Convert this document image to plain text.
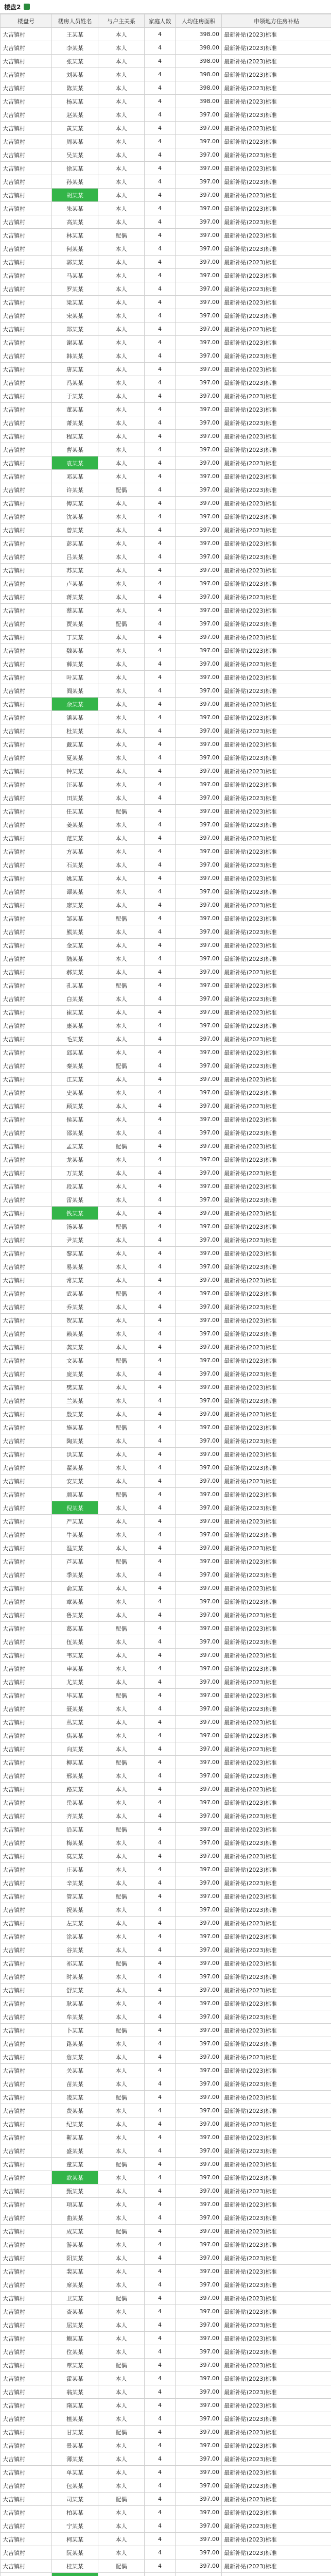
楼盘2
楼盘号	楼房人员姓名	与户主关系	家庭人数	人均住房面积	申领地方住房补贴
大吉镇村	王某某	本人	4	398.00	最新补贴(2023)标准
大吉镇村	李某某	本人	4	398.00	最新补贴(2023)标准
大吉镇村	张某某	本人	4	398.00	最新补贴(2023)标准
大吉镇村	刘某某	本人	4	398.00	最新补贴(2023)标准
大吉镇村	陈某某	本人	4	398.00	最新补贴(2023)标准
大吉镇村	杨某某	本人	4	398.00	最新补贴(2023)标准
大吉镇村	赵某某	本人	4	397.00	最新补贴(2023)标准
大吉镇村	黄某某	本人	4	397.00	最新补贴(2023)标准
大吉镇村	周某某	本人	4	397.00	最新补贴(2023)标准
大吉镇村	吴某某	本人	4	397.00	最新补贴(2023)标准
大吉镇村	徐某某	本人	4	397.00	最新补贴(2023)标准
大吉镇村	孙某某	本人	4	397.00	最新补贴(2023)标准
大吉镇村	胡某某	本人	4	397.00	最新补贴(2023)标准
大吉镇村	朱某某	本人	4	397.00	最新补贴(2023)标准
大吉镇村	高某某	本人	4	397.00	最新补贴(2023)标准
大吉镇村	林某某	配偶	4	397.00	最新补贴(2023)标准
大吉镇村	何某某	本人	4	397.00	最新补贴(2023)标准
大吉镇村	郭某某	本人	4	397.00	最新补贴(2023)标准
大吉镇村	马某某	本人	4	397.00	最新补贴(2023)标准
大吉镇村	罗某某	本人	4	397.00	最新补贴(2023)标准
大吉镇村	梁某某	本人	4	397.00	最新补贴(2023)标准
大吉镇村	宋某某	本人	4	397.00	最新补贴(2023)标准
大吉镇村	郑某某	本人	4	397.00	最新补贴(2023)标准
大吉镇村	谢某某	本人	4	397.00	最新补贴(2023)标准
大吉镇村	韩某某	本人	4	397.00	最新补贴(2023)标准
大吉镇村	唐某某	本人	4	397.00	最新补贴(2023)标准
大吉镇村	冯某某	本人	4	397.00	最新补贴(2023)标准
大吉镇村	于某某	本人	4	397.00	最新补贴(2023)标准
大吉镇村	董某某	本人	4	397.00	最新补贴(2023)标准
大吉镇村	萧某某	本人	4	397.00	最新补贴(2023)标准
大吉镇村	程某某	本人	4	397.00	最新补贴(2023)标准
大吉镇村	曹某某	本人	4	397.00	最新补贴(2023)标准
大吉镇村	袁某某	本人	4	397.00	最新补贴(2023)标准
大吉镇村	邓某某	本人	4	397.00	最新补贴(2023)标准
大吉镇村	许某某	配偶	4	397.00	最新补贴(2023)标准
大吉镇村	傅某某	本人	4	397.00	最新补贴(2023)标准
大吉镇村	沈某某	本人	4	397.00	最新补贴(2023)标准
大吉镇村	曾某某	本人	4	397.00	最新补贴(2023)标准
大吉镇村	彭某某	本人	4	397.00	最新补贴(2023)标准
大吉镇村	吕某某	本人	4	397.00	最新补贴(2023)标准
大吉镇村	苏某某	本人	4	397.00	最新补贴(2023)标准
大吉镇村	卢某某	本人	4	397.00	最新补贴(2023)标准
大吉镇村	蒋某某	本人	4	397.00	最新补贴(2023)标准
大吉镇村	蔡某某	本人	4	397.00	最新补贴(2023)标准
大吉镇村	贾某某	配偶	4	397.00	最新补贴(2023)标准
大吉镇村	丁某某	本人	4	397.00	最新补贴(2023)标准
大吉镇村	魏某某	本人	4	397.00	最新补贴(2023)标准
大吉镇村	薛某某	本人	4	397.00	最新补贴(2023)标准
大吉镇村	叶某某	本人	4	397.00	最新补贴(2023)标准
大吉镇村	阎某某	本人	4	397.00	最新补贴(2023)标准
大吉镇村	余某某	本人	4	397.00	最新补贴(2023)标准
大吉镇村	潘某某	本人	4	397.00	最新补贴(2023)标准
大吉镇村	杜某某	本人	4	397.00	最新补贴(2023)标准
大吉镇村	戴某某	本人	4	397.00	最新补贴(2023)标准
大吉镇村	夏某某	本人	4	397.00	最新补贴(2023)标准
大吉镇村	钟某某	本人	4	397.00	最新补贴(2023)标准
大吉镇村	汪某某	本人	4	397.00	最新补贴(2023)标准
大吉镇村	田某某	本人	4	397.00	最新补贴(2023)标准
大吉镇村	任某某	配偶	4	397.00	最新补贴(2023)标准
大吉镇村	姜某某	本人	4	397.00	最新补贴(2023)标准
大吉镇村	范某某	本人	4	397.00	最新补贴(2023)标准
大吉镇村	方某某	本人	4	397.00	最新补贴(2023)标准
大吉镇村	石某某	本人	4	397.00	最新补贴(2023)标准
大吉镇村	姚某某	本人	4	397.00	最新补贴(2023)标准
大吉镇村	谭某某	本人	4	397.00	最新补贴(2023)标准
大吉镇村	廖某某	本人	4	397.00	最新补贴(2023)标准
大吉镇村	邹某某	配偶	4	397.00	最新补贴(2023)标准
大吉镇村	熊某某	本人	4	397.00	最新补贴(2023)标准
大吉镇村	金某某	本人	4	397.00	最新补贴(2023)标准
大吉镇村	陆某某	本人	4	397.00	最新补贴(2023)标准
大吉镇村	郝某某	本人	4	397.00	最新补贴(2023)标准
大吉镇村	孔某某	配偶	4	397.00	最新补贴(2023)标准
大吉镇村	白某某	本人	4	397.00	最新补贴(2023)标准
大吉镇村	崔某某	本人	4	397.00	最新补贴(2023)标准
大吉镇村	康某某	本人	4	397.00	最新补贴(2023)标准
大吉镇村	毛某某	本人	4	397.00	最新补贴(2023)标准
大吉镇村	邱某某	本人	4	397.00	最新补贴(2023)标准
大吉镇村	秦某某	配偶	4	397.00	最新补贴(2023)标准
大吉镇村	江某某	本人	4	397.00	最新补贴(2023)标准
大吉镇村	史某某	本人	4	397.00	最新补贴(2023)标准
大吉镇村	顾某某	本人	4	397.00	最新补贴(2023)标准
大吉镇村	侯某某	本人	4	397.00	最新补贴(2023)标准
大吉镇村	邵某某	本人	4	397.00	最新补贴(2023)标准
大吉镇村	孟某某	配偶	4	397.00	最新补贴(2023)标准
大吉镇村	龙某某	本人	4	397.00	最新补贴(2023)标准
大吉镇村	万某某	本人	4	397.00	最新补贴(2023)标准
大吉镇村	段某某	本人	4	397.00	最新补贴(2023)标准
大吉镇村	雷某某	本人	4	397.00	最新补贴(2023)标准
大吉镇村	钱某某	本人	4	397.00	最新补贴(2023)标准
大吉镇村	汤某某	配偶	4	397.00	最新补贴(2023)标准
大吉镇村	尹某某	本人	4	397.00	最新补贴(2023)标准
大吉镇村	黎某某	本人	4	397.00	最新补贴(2023)标准
大吉镇村	易某某	本人	4	397.00	最新补贴(2023)标准
大吉镇村	常某某	本人	4	397.00	最新补贴(2023)标准
大吉镇村	武某某	配偶	4	397.00	最新补贴(2023)标准
大吉镇村	乔某某	本人	4	397.00	最新补贴(2023)标准
大吉镇村	贺某某	本人	4	397.00	最新补贴(2023)标准
大吉镇村	赖某某	本人	4	397.00	最新补贴(2023)标准
大吉镇村	龚某某	本人	4	397.00	最新补贴(2023)标准
大吉镇村	文某某	配偶	4	397.00	最新补贴(2023)标准
大吉镇村	庞某某	本人	4	397.00	最新补贴(2023)标准
大吉镇村	樊某某	本人	4	397.00	最新补贴(2023)标准
大吉镇村	兰某某	本人	4	397.00	最新补贴(2023)标准
大吉镇村	殷某某	本人	4	397.00	最新补贴(2023)标准
大吉镇村	施某某	配偶	4	397.00	最新补贴(2023)标准
大吉镇村	陶某某	本人	4	397.00	最新补贴(2023)标准
大吉镇村	洪某某	本人	4	397.00	最新补贴(2023)标准
大吉镇村	翟某某	本人	4	397.00	最新补贴(2023)标准
大吉镇村	安某某	本人	4	397.00	最新补贴(2023)标准
大吉镇村	颜某某	配偶	4	397.00	最新补贴(2023)标准
大吉镇村	倪某某	本人	4	397.00	最新补贴(2023)标准
大吉镇村	严某某	本人	4	397.00	最新补贴(2023)标准
大吉镇村	牛某某	本人	4	397.00	最新补贴(2023)标准
大吉镇村	温某某	本人	4	397.00	最新补贴(2023)标准
大吉镇村	芦某某	配偶	4	397.00	最新补贴(2023)标准
大吉镇村	季某某	本人	4	397.00	最新补贴(2023)标准
大吉镇村	俞某某	本人	4	397.00	最新补贴(2023)标准
大吉镇村	章某某	本人	4	397.00	最新补贴(2023)标准
大吉镇村	鲁某某	本人	4	397.00	最新补贴(2023)标准
大吉镇村	葛某某	配偶	4	397.00	最新补贴(2023)标准
大吉镇村	伍某某	本人	4	397.00	最新补贴(2023)标准
大吉镇村	韦某某	本人	4	397.00	最新补贴(2023)标准
大吉镇村	申某某	本人	4	397.00	最新补贴(2023)标准
大吉镇村	尤某某	本人	4	397.00	最新补贴(2023)标准
大吉镇村	毕某某	配偶	4	397.00	最新补贴(2023)标准
大吉镇村	聂某某	本人	4	397.00	最新补贴(2023)标准
大吉镇村	丛某某	本人	4	397.00	最新补贴(2023)标准
大吉镇村	焦某某	本人	4	397.00	最新补贴(2023)标准
大吉镇村	向某某	本人	4	397.00	最新补贴(2023)标准
大吉镇村	柳某某	配偶	4	397.00	最新补贴(2023)标准
大吉镇村	邢某某	本人	4	397.00	最新补贴(2023)标准
大吉镇村	路某某	本人	4	397.00	最新补贴(2023)标准
大吉镇村	岳某某	本人	4	397.00	最新补贴(2023)标准
大吉镇村	齐某某	本人	4	397.00	最新补贴(2023)标准
大吉镇村	沿某某	配偶	4	397.00	最新补贴(2023)标准
大吉镇村	梅某某	本人	4	397.00	最新补贴(2023)标准
大吉镇村	莫某某	本人	4	397.00	最新补贴(2023)标准
大吉镇村	庄某某	本人	4	397.00	最新补贴(2023)标准
大吉镇村	辛某某	本人	4	397.00	最新补贴(2023)标准
大吉镇村	管某某	配偶	4	397.00	最新补贴(2023)标准
大吉镇村	祝某某	本人	4	397.00	最新补贴(2023)标准
大吉镇村	左某某	本人	4	397.00	最新补贴(2023)标准
大吉镇村	涂某某	本人	4	397.00	最新补贴(2023)标准
大吉镇村	谷某某	本人	4	397.00	最新补贴(2023)标准
大吉镇村	祁某某	配偶	4	397.00	最新补贴(2023)标准
大吉镇村	时某某	本人	4	397.00	最新补贴(2023)标准
大吉镇村	舒某某	本人	4	397.00	最新补贴(2023)标准
大吉镇村	耿某某	本人	4	397.00	最新补贴(2023)标准
大吉镇村	牟某某	本人	4	397.00	最新补贴(2023)标准
大吉镇村	卜某某	配偶	4	397.00	最新补贴(2023)标准
大吉镇村	路某某	本人	4	397.00	最新补贴(2023)标准
大吉镇村	詹某某	本人	4	397.00	最新补贴(2023)标准
大吉镇村	关某某	本人	4	397.00	最新补贴(2023)标准
大吉镇村	苗某某	本人	4	397.00	最新补贴(2023)标准
大吉镇村	凌某某	配偶	4	397.00	最新补贴(2023)标准
大吉镇村	费某某	本人	4	397.00	最新补贴(2023)标准
大吉镇村	纪某某	本人	4	397.00	最新补贴(2023)标准
大吉镇村	靳某某	本人	4	397.00	最新补贴(2023)标准
大吉镇村	盛某某	本人	4	397.00	最新补贴(2023)标准
大吉镇村	童某某	配偶	4	397.00	最新补贴(2023)标准
大吉镇村	欧某某	本人	4	397.00	最新补贴(2023)标准
大吉镇村	甄某某	本人	4	397.00	最新补贴(2023)标准
大吉镇村	项某某	本人	4	397.00	最新补贴(2023)标准
大吉镇村	曲某某	本人	4	397.00	最新补贴(2023)标准
大吉镇村	成某某	配偶	4	397.00	最新补贴(2023)标准
大吉镇村	游某某	本人	4	397.00	最新补贴(2023)标准
大吉镇村	阳某某	本人	4	397.00	最新补贴(2023)标准
大吉镇村	裴某某	本人	4	397.00	最新补贴(2023)标准
大吉镇村	席某某	本人	4	397.00	最新补贴(2023)标准
大吉镇村	卫某某	配偶	4	397.00	最新补贴(2023)标准
大吉镇村	查某某	本人	4	397.00	最新补贴(2023)标准
大吉镇村	屈某某	本人	4	397.00	最新补贴(2023)标准
大吉镇村	鲍某某	本人	4	397.00	最新补贴(2023)标准
大吉镇村	位某某	本人	4	397.00	最新补贴(2023)标准
大吉镇村	覃某某	配偶	4	397.00	最新补贴(2023)标准
大吉镇村	霍某某	本人	4	397.00	最新补贴(2023)标准
大吉镇村	翁某某	本人	4	397.00	最新补贴(2023)标准
大吉镇村	隋某某	本人	4	397.00	最新补贴(2023)标准
大吉镇村	植某某	本人	4	397.00	最新补贴(2023)标准
大吉镇村	甘某某	配偶	4	397.00	最新补贴(2023)标准
大吉镇村	景某某	本人	4	397.00	最新补贴(2023)标准
大吉镇村	薄某某	本人	4	397.00	最新补贴(2023)标准
大吉镇村	单某某	本人	4	397.00	最新补贴(2023)标准
大吉镇村	包某某	本人	4	397.00	最新补贴(2023)标准
大吉镇村	司某某	配偶	4	397.00	最新补贴(2023)标准
大吉镇村	柏某某	本人	4	397.00	最新补贴(2023)标准
大吉镇村	宁某某	本人	4	397.00	最新补贴(2023)标准
大吉镇村	柯某某	本人	4	397.00	最新补贴(2023)标准
大吉镇村	阮某某	本人	4	397.00	最新补贴(2023)标准
大吉镇村	桂某某	配偶	4	397.00	最新补贴(2023)标准
